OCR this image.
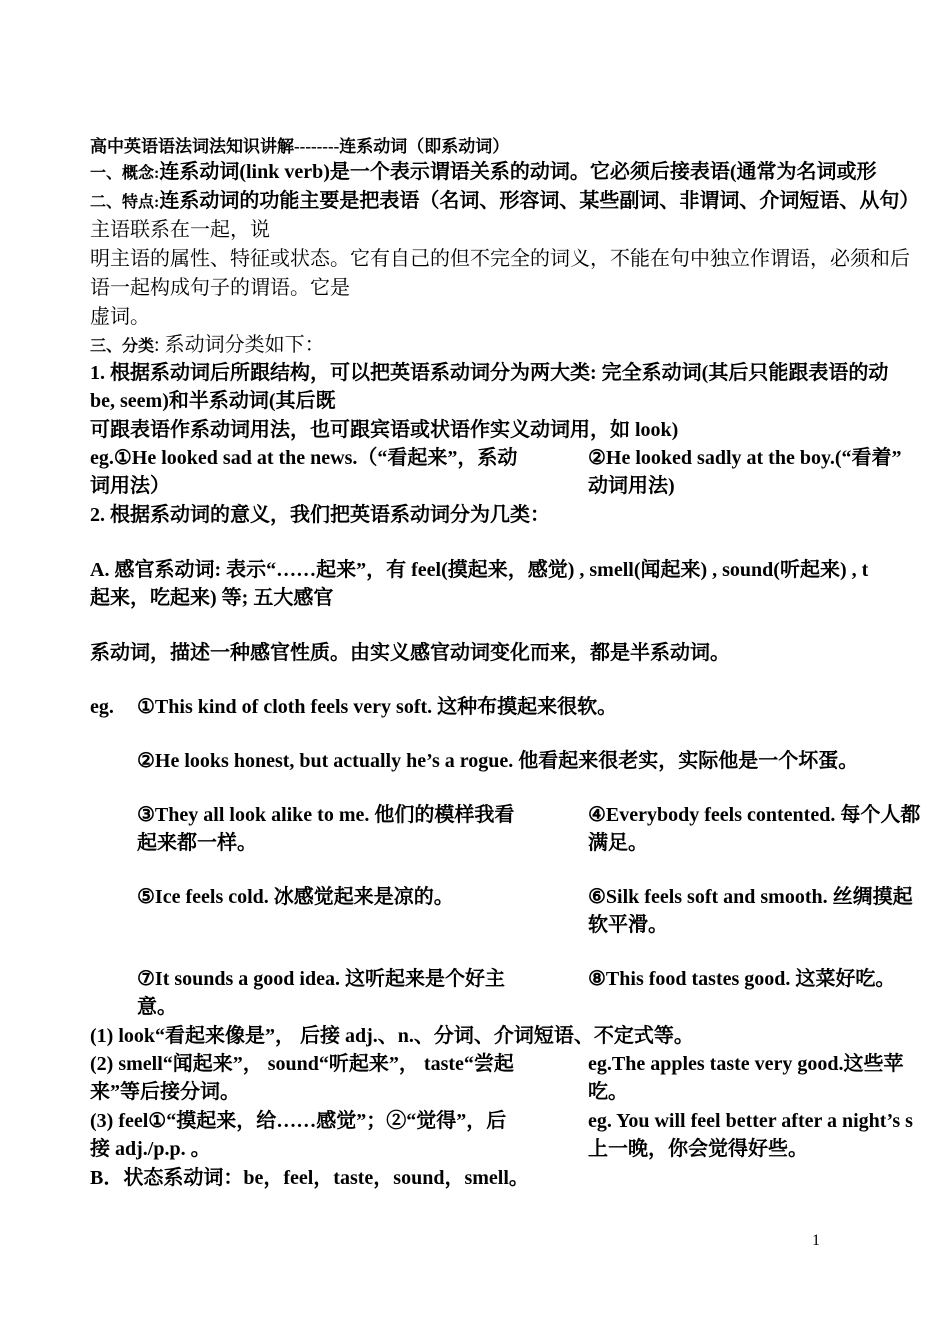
高中英语语法词法知识讲解--------连系动词（即系动词）
一、概念:连系动词(link verb)是一个表示谓语关系的动词。它必须后接表语(通常为名词或形
二、特点:连系动词的功能主要是把表语（名词、形容词、某些副词、非谓词、介词短语、从句）
主语联系在一起，说
明主语的属性、特征或状态。它有自己的但不完全的词义，不能在句中独立作谓语，必须和后
语一起构成句子的谓语。它是
虚词。
三、分类: 系动词分类如下：
1. 根据系动词后所跟结构，可以把英语系动词分为两大类: 完全系动词(其后只能跟表语的动
be, seem)和半系动词(其后既
可跟表语作系动词用法，也可跟宾语或状语作实义动词用，如 look)
eg.①He looked sad at the news.（“看起来”，系动
词用法）
②He looked sadly at the boy.(“看着”
动词用法)
2. 根据系动词的意义，我们把英语系动词分为几类：
A. 感官系动词: 表示“……起来”，有 feel(摸起来，感觉) , smell(闻起来) , sound(听起来) , t
起来，吃起来) 等; 五大感官
系动词，描述一种感官性质。由实义感官动词变化而来，都是半系动词。
eg. ①This kind of cloth feels very soft. 这种布摸起来很软。
②He looks honest, but actually he’s a rogue. 他看起来很老实，实际他是一个坏蛋。
③They all look alike to me. 他们的模样我看
起来都一样。
④Everybody feels contented. 每个人都
满足。
⑤Ice feels cold. 冰感觉起来是凉的。	⑥Silk feels soft and smooth. 丝绸摸起
软平滑。
⑦It sounds a good idea. 这听起来是个好主
意。
⑧This food tastes good. 这菜好吃。
(1) look“看起来像是”， 后接 adj.、n.、分词、介词短语、不定式等。
(2) smell“闻起来”， sound“听起来”， taste“尝起
来”等后接分词。
eg.The apples taste very good.这些苹
吃。
(3) feel①“摸起来，给……感觉”；②“觉得”，后
接 adj./p.p. 。
eg. You will feel better after a night’s s
上一晚，你会觉得好些。
B．状态系动词：be，feel，taste，sound，smell。
1
